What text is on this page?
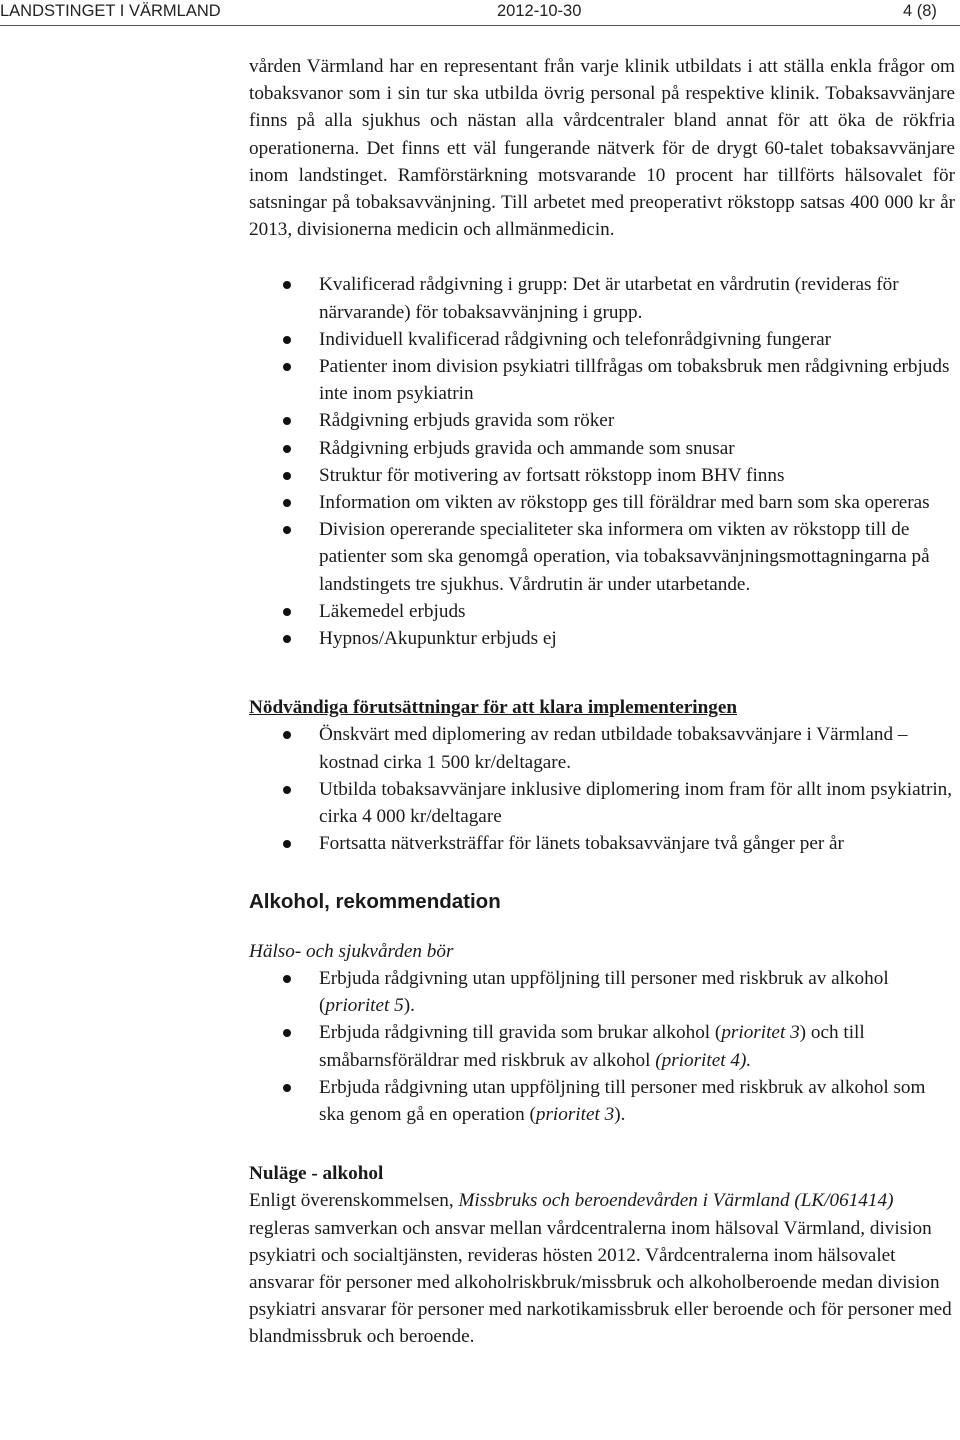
LANDSTINGET I VÄRMLAND	2012-10-30	4 (8)

vården Värmland har en representant från varje klinik utbildats i att ställa enkla frågor om tobaksvanor som i sin tur ska utbilda övrig personal på respektive klinik. Tobaksavvänjare finns på alla sjukhus och nästan alla vårdcentraler bland annat för att öka de rökfria operationerna. Det finns ett väl fungerande nätverk för de drygt 60-talet tobaksavvänjare inom landstinget. Ramförstärkning motsvarande 10 procent har tillförts hälsovalet för satsningar på tobaksavvänjning. Till arbetet med preoperativt rökstopp satsas 400 000 kr år 2013, divisionerna medicin och allmänmedicin.

Kvalificerad rådgivning i grupp: Det är utarbetat en vårdrutin (revideras för närvarande) för tobaksavvänjning i grupp.
Individuell kvalificerad rådgivning och telefonrådgivning fungerar
Patienter inom division psykiatri tillfrågas om tobaksbruk men rådgivning erbjuds inte inom psykiatrin
Rådgivning erbjuds gravida som röker
Rådgivning erbjuds gravida och ammande som snusar
Struktur för motivering av fortsatt rökstopp inom BHV finns
Information om vikten av rökstopp ges till föräldrar med barn som ska opereras
Division opererande specialiteter ska informera om vikten av rökstopp till de patienter som ska genomgå operation, via tobaksavvänjningsmottagningarna på landstingets tre sjukhus. Vårdrutin är under utarbetande.
Läkemedel erbjuds
Hypnos/Akupunktur erbjuds ej

Nödvändiga förutsättningar för att klara implementeringen

Önskvärt med diplomering av redan utbildade tobaksavvänjare i Värmland – kostnad cirka 1 500 kr/deltagare.
Utbilda tobaksavvänjare inklusive diplomering inom fram för allt inom psykiatrin, cirka 4 000 kr/deltagare
Fortsatta nätverksträffar för länets tobaksavvänjare två gånger per år

Alkohol, rekommendation

Hälso- och sjukvården bör

Erbjuda rådgivning utan uppföljning till personer med riskbruk av alkohol (prioritet 5).
Erbjuda rådgivning till gravida som brukar alkohol (prioritet 3) och till småbarnsföräldrar med riskbruk av alkohol (prioritet 4).
Erbjuda rådgivning utan uppföljning till personer med riskbruk av alkohol som ska genom gå en operation (prioritet 3).

Nuläge - alkohol

Enligt överenskommelsen, Missbruks och beroendevården i Värmland (LK/061414) regleras samverkan och ansvar mellan vårdcentralerna inom hälsoval Värmland, division psykiatri och socialtjänsten, revideras hösten 2012. Vårdcentralerna inom hälsovalet ansvarar för personer med alkoholriskbruk/missbruk och alkoholberoende medan division psykiatri ansvarar för personer med narkotikamissbruk eller beroende och för personer med blandmissbruk och beroende.
